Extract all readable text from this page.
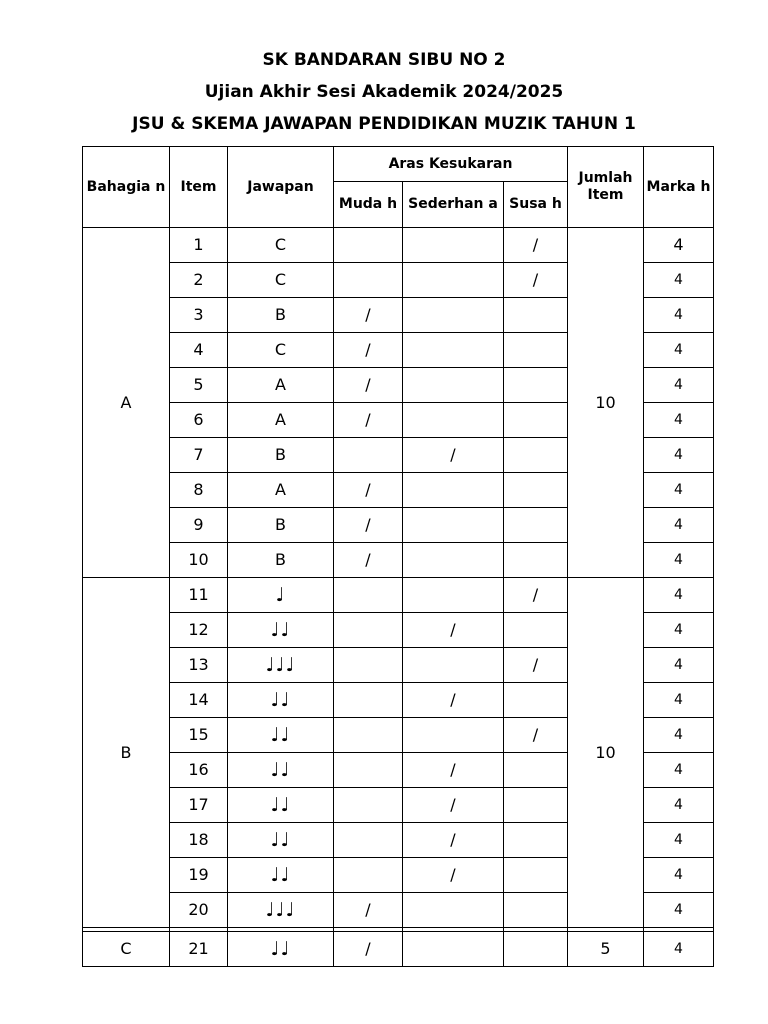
SK BANDARAN SIBU NO 2
Ujian Akhir Sesi Akademik 2024/2025
JSU & SKEMA JAWAPAN PENDIDIKAN MUZIK TAHUN 1
Bahagia n	Item	Jawapan	Aras Kesukaran			Jumlah Item	Marka h
			Muda h	Sederhan a	Susa h		
A	1	C			/	10	4
	2	C			/		4
	3	B	/				4
	4	C	/				4
	5	A	/				4
	6	A	/				4
	7	B		/			4
	8	A	/				4
	9	B	/				4
	10	B	/				4
B	11	♩			/	10	4
	12	♩♩		/			4
	13	♩♩♩			/		4
	14	♩♩		/			4
	15	♩♩			/		4
	16	♩♩		/			4
	17	♩♩		/			4
	18	♩♩		/			4
	19	♩♩		/			4
	20	♩♩♩	/				4

C	21	♩♩	/			5	4
